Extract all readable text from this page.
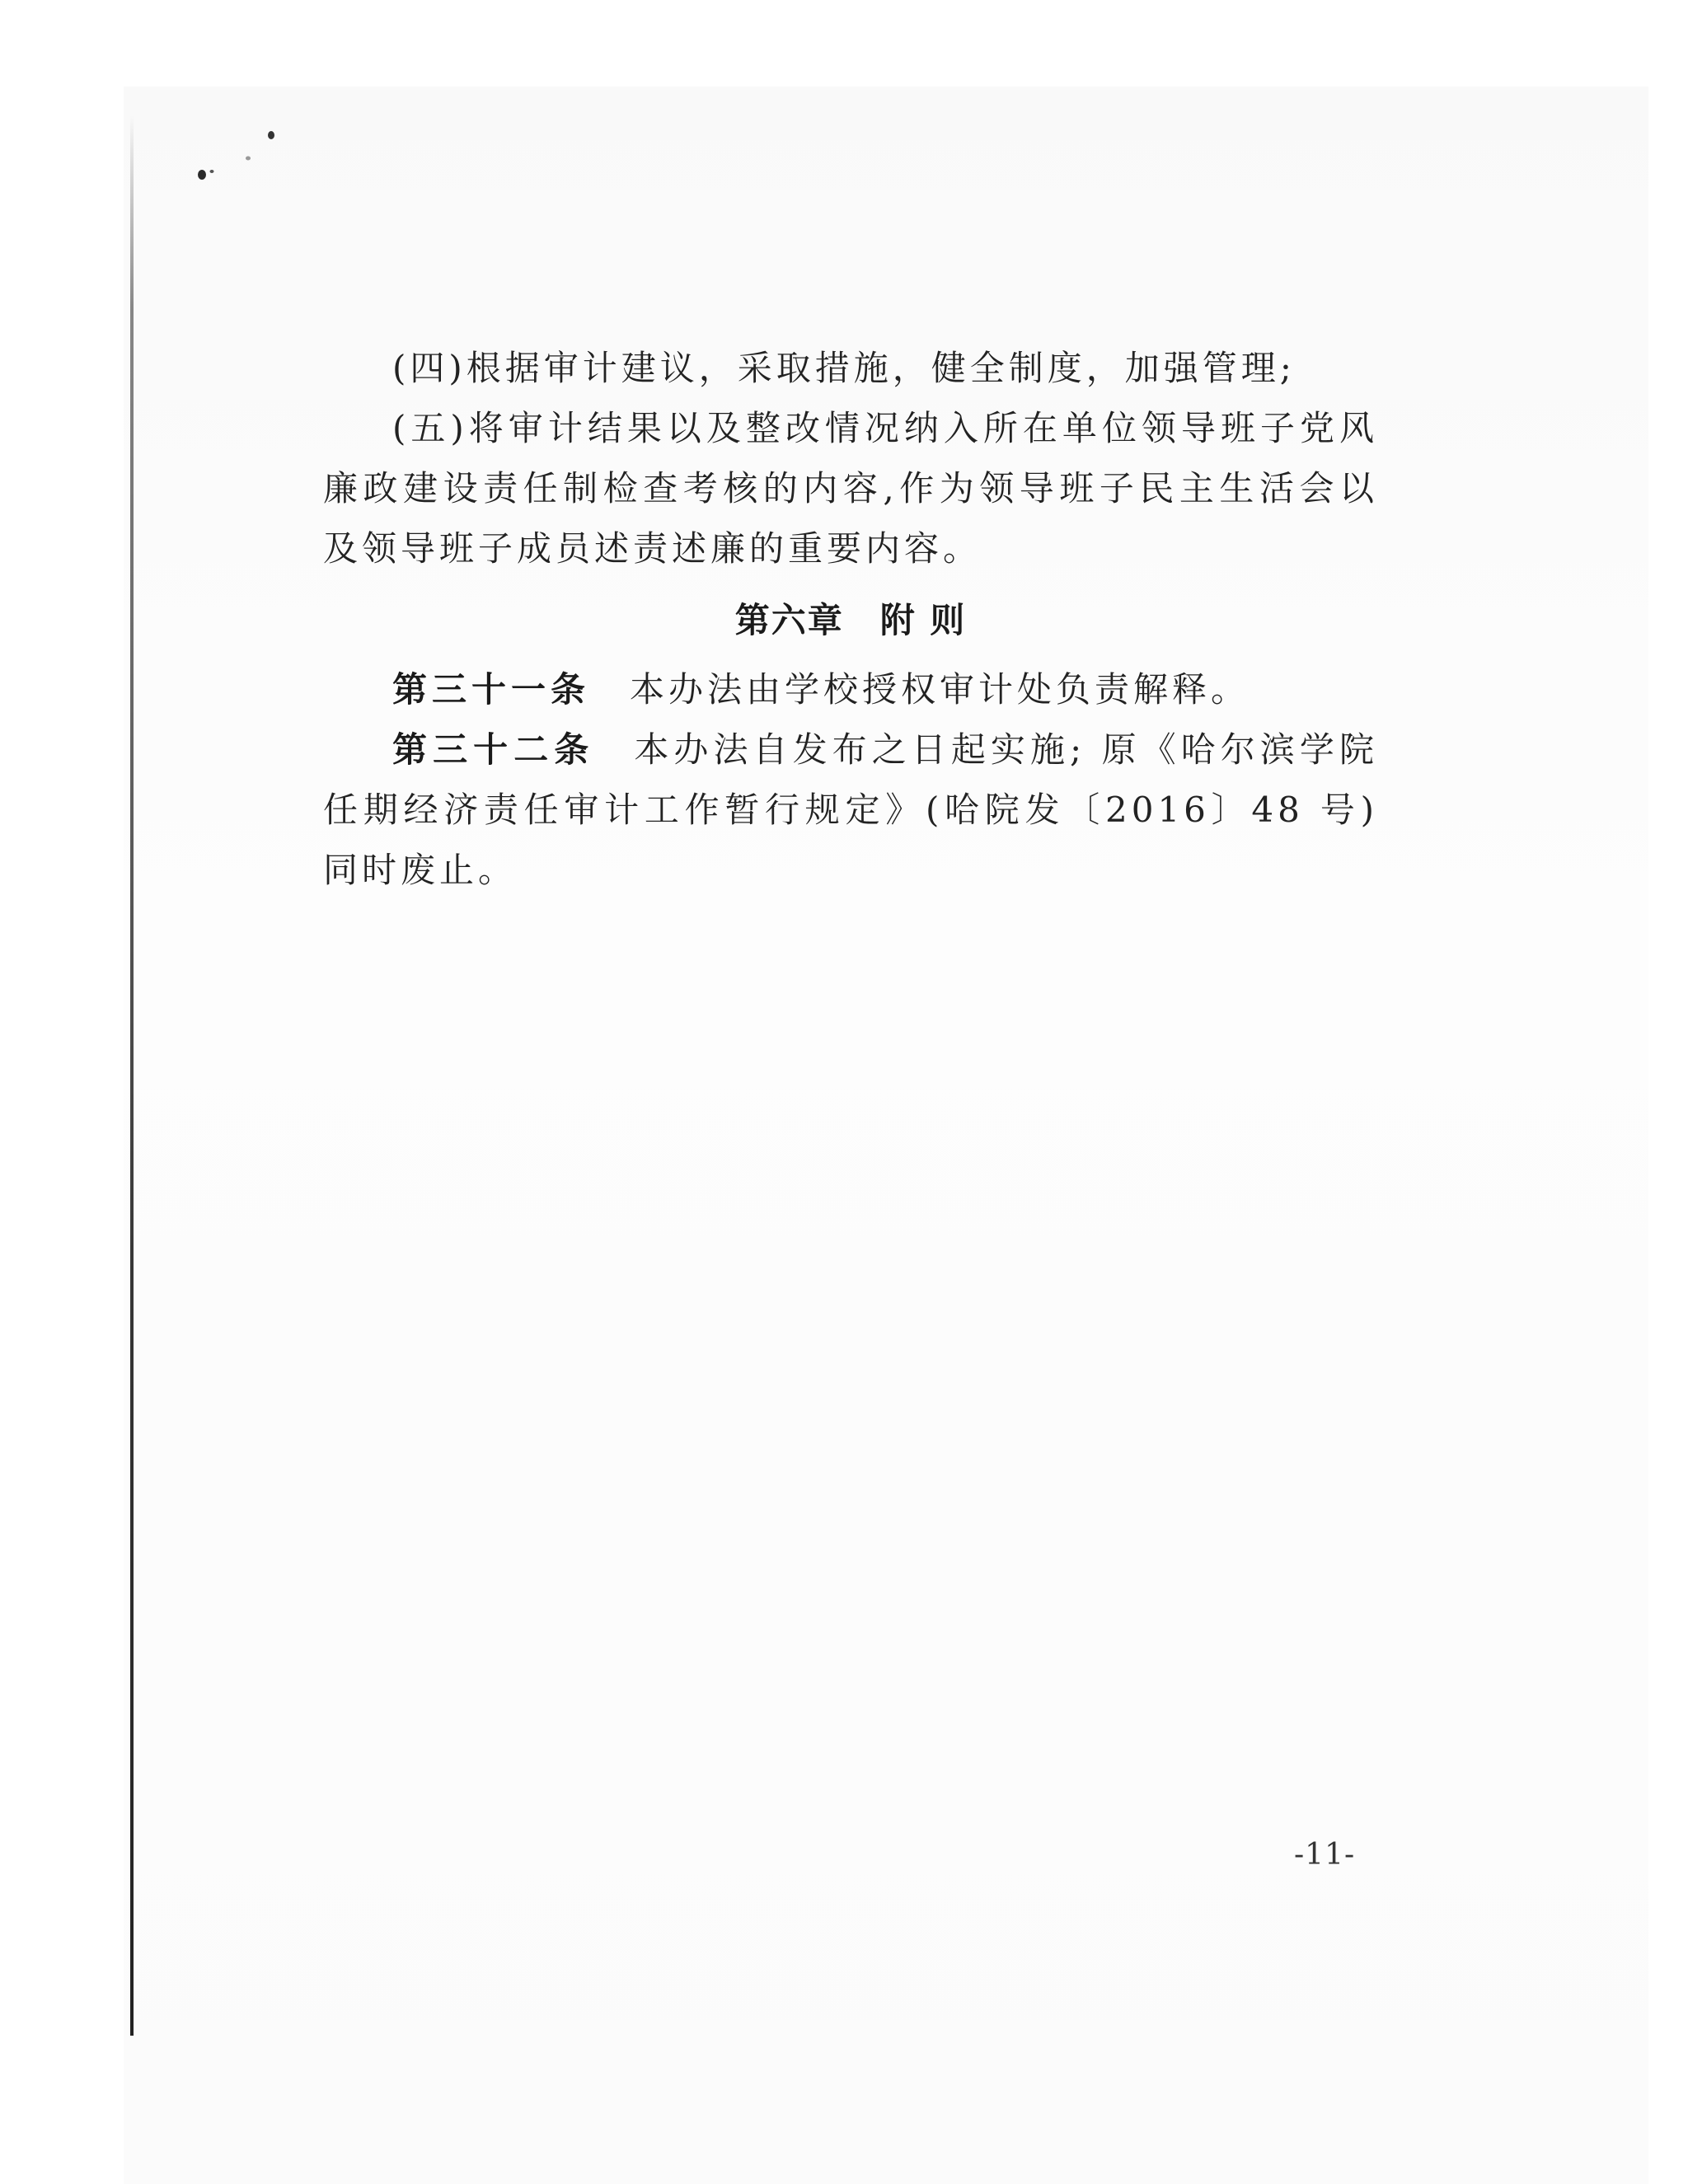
(四)根据审计建议，采取措施，健全制度，加强管理;

(五)将审计结果以及整改情况纳入所在单位领导班子党风廉政建设责任制检查考核的内容,作为领导班子民主生活会以及领导班子成员述责述廉的重要内容。

第六章　附 则

第三十一条 本办法由学校授权审计处负责解释。

第三十二条 本办法自发布之日起实施; 原《哈尔滨学院任期经济责任审计工作暂行规定》(哈院发〔2016〕48 号)同时废止。

-11-
